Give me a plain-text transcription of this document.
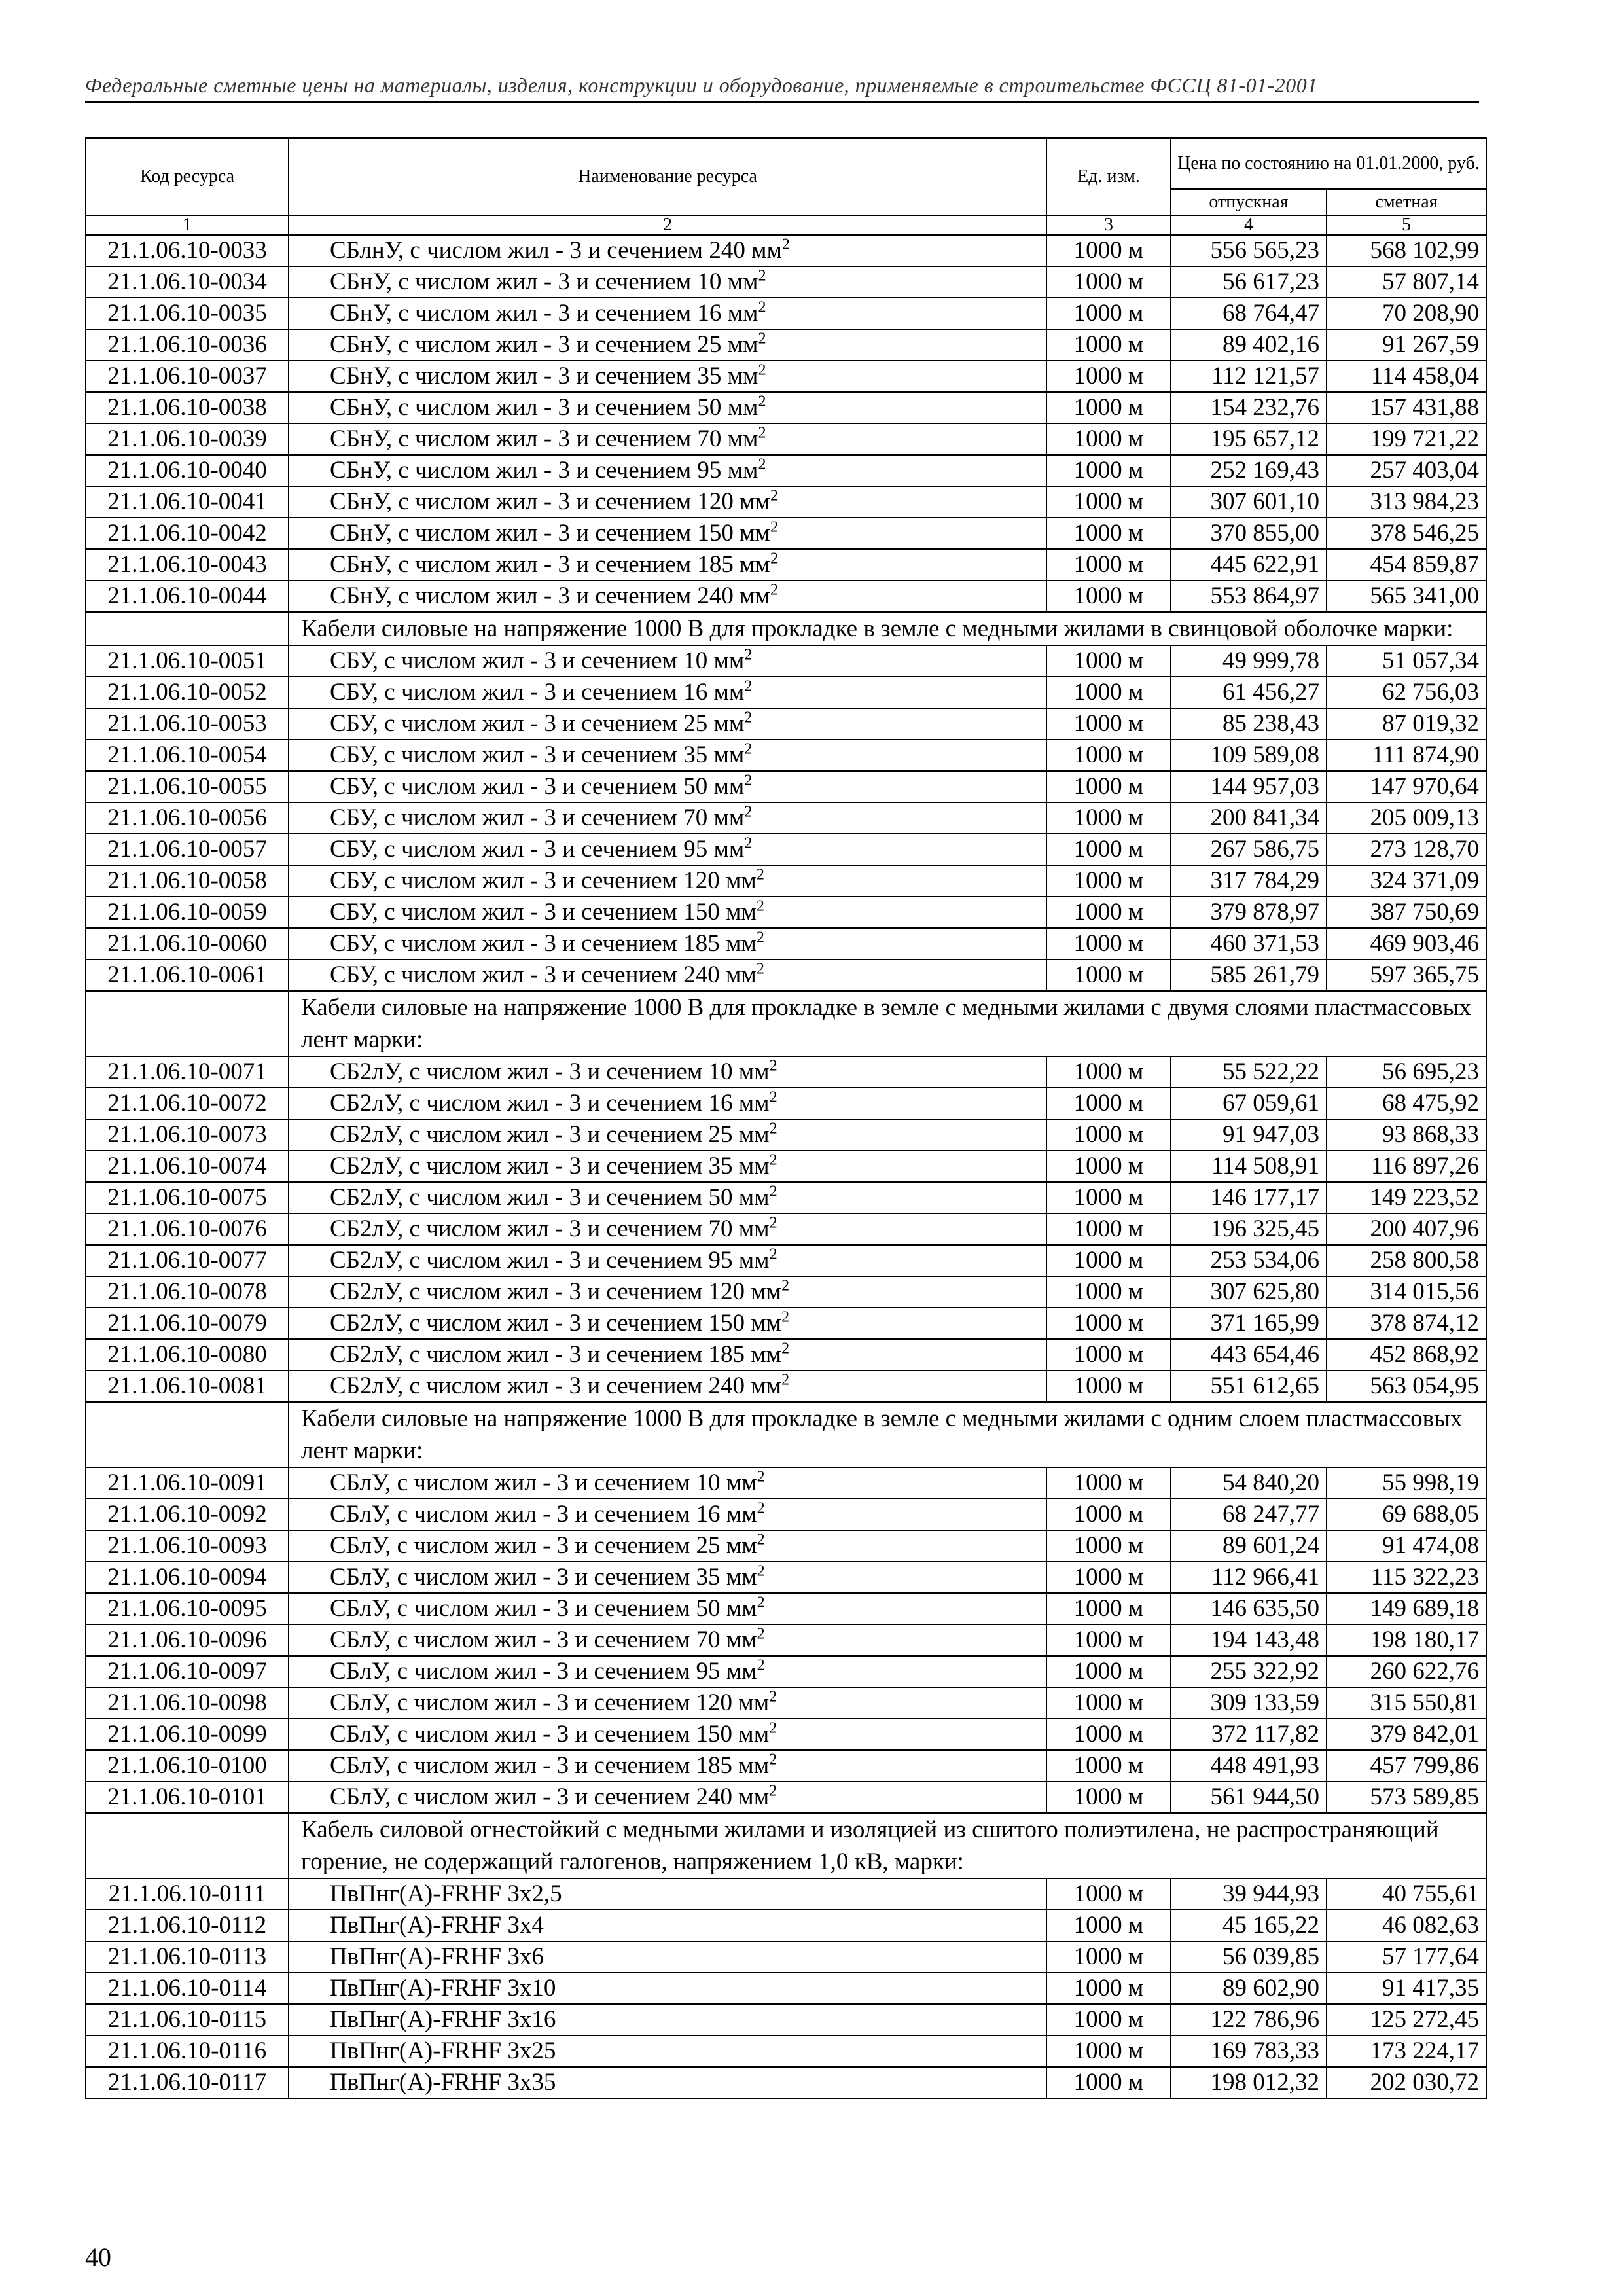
Федеральные сметные цены на материалы, изделия, конструкции и оборудование, применяемые в строительстве ФССЦ 81-01-2001
Код ресурса	Наименование ресурса	Ед. изм.	Цена по состоянию на 01.01.2000, руб.	
			отпускная	сметная
1	2	3	4	5
21.1.06.10-0033	СБлнУ, с числом жил - 3 и сечением 240 $мм^2$	1000 м	556 565,23	568 102,99
21.1.06.10-0034	СБнУ, с числом жил - 3 и сечением 10 $мм^2$	1000 м	56 617,23	57 807,14
21.1.06.10-0035	СБнУ, с числом жил - 3 и сечением 16 $мм^2$	1000 м	68 764,47	70 208,90
21.1.06.10-0036	СБнУ, с числом жил - 3 и сечением 25 $мм^2$	1000 м	89 402,16	91 267,59
21.1.06.10-0037	СБнУ, с числом жил - 3 и сечением 35 $мм^2$	1000 м	112 121,57	114 458,04
21.1.06.10-0038	СБнУ, с числом жил - 3 и сечением 50 $мм^2$	1000 м	154 232,76	157 431,88
21.1.06.10-0039	СБнУ, с числом жил - 3 и сечением 70 $мм^2$	1000 м	195 657,12	199 721,22
21.1.06.10-0040	СБнУ, с числом жил - 3 и сечением 95 $мм^2$	1000 м	252 169,43	257 403,04
21.1.06.10-0041	СБнУ, с числом жил - 3 и сечением 120 $мм^2$	1000 м	307 601,10	313 984,23
21.1.06.10-0042	СБнУ, с числом жил - 3 и сечением 150 $мм^2$	1000 м	370 855,00	378 546,25
21.1.06.10-0043	СБнУ, с числом жил - 3 и сечением 185 $мм^2$	1000 м	445 622,91	454 859,87
21.1.06.10-0044	СБнУ, с числом жил - 3 и сечением 240 $мм^2$	1000 м	553 864,97	565 341,00
	Кабели силовые на напряжение 1000 В для прокладке в земле с медными жилами в свинцовой оболочке марки:			
21.1.06.10-0051	СБУ, с числом жил - 3 и сечением 10 $мм^2$	1000 м	49 999,78	51 057,34
21.1.06.10-0052	СБУ, с числом жил - 3 и сечением 16 $мм^2$	1000 м	61 456,27	62 756,03
21.1.06.10-0053	СБУ, с числом жил - 3 и сечением 25 $мм^2$	1000 м	85 238,43	87 019,32
21.1.06.10-0054	СБУ, с числом жил - 3 и сечением 35 $мм^2$	1000 м	109 589,08	111 874,90
21.1.06.10-0055	СБУ, с числом жил - 3 и сечением 50 $мм^2$	1000 м	144 957,03	147 970,64
21.1.06.10-0056	СБУ, с числом жил - 3 и сечением 70 $мм^2$	1000 м	200 841,34	205 009,13
21.1.06.10-0057	СБУ, с числом жил - 3 и сечением 95 $мм^2$	1000 м	267 586,75	273 128,70
21.1.06.10-0058	СБУ, с числом жил - 3 и сечением 120 $мм^2$	1000 м	317 784,29	324 371,09
21.1.06.10-0059	СБУ, с числом жил - 3 и сечением 150 $мм^2$	1000 м	379 878,97	387 750,69
21.1.06.10-0060	СБУ, с числом жил - 3 и сечением 185 $мм^2$	1000 м	460 371,53	469 903,46
21.1.06.10-0061	СБУ, с числом жил - 3 и сечением 240 $мм^2$	1000 м	585 261,79	597 365,75
	Кабели силовые на напряжение 1000 В для прокладке в земле с медными жилами с двумя слоями пластмассовых лент марки:			
21.1.06.10-0071	СБ2лУ, с числом жил - 3 и сечением 10 $мм^2$	1000 м	55 522,22	56 695,23
21.1.06.10-0072	СБ2лУ, с числом жил - 3 и сечением 16 $мм^2$	1000 м	67 059,61	68 475,92
21.1.06.10-0073	СБ2лУ, с числом жил - 3 и сечением 25 $мм^2$	1000 м	91 947,03	93 868,33
21.1.06.10-0074	СБ2лУ, с числом жил - 3 и сечением 35 $мм^2$	1000 м	114 508,91	116 897,26
21.1.06.10-0075	СБ2лУ, с числом жил - 3 и сечением 50 $мм^2$	1000 м	146 177,17	149 223,52
21.1.06.10-0076	СБ2лУ, с числом жил - 3 и сечением 70 $мм^2$	1000 м	196 325,45	200 407,96
21.1.06.10-0077	СБ2лУ, с числом жил - 3 и сечением 95 $мм^2$	1000 м	253 534,06	258 800,58
21.1.06.10-0078	СБ2лУ, с числом жил - 3 и сечением 120 $мм^2$	1000 м	307 625,80	314 015,56
21.1.06.10-0079	СБ2лУ, с числом жил - 3 и сечением 150 $мм^2$	1000 м	371 165,99	378 874,12
21.1.06.10-0080	СБ2лУ, с числом жил - 3 и сечением 185 $мм^2$	1000 м	443 654,46	452 868,92
21.1.06.10-0081	СБ2лУ, с числом жил - 3 и сечением 240 $мм^2$	1000 м	551 612,65	563 054,95
	Кабели силовые на напряжение 1000 В для прокладке в земле с медными жилами с одним слоем пластмассовых лент марки:			
21.1.06.10-0091	СБлУ, с числом жил - 3 и сечением 10 $мм^2$	1000 м	54 840,20	55 998,19
21.1.06.10-0092	СБлУ, с числом жил - 3 и сечением 16 $мм^2$	1000 м	68 247,77	69 688,05
21.1.06.10-0093	СБлУ, с числом жил - 3 и сечением 25 $мм^2$	1000 м	89 601,24	91 474,08
21.1.06.10-0094	СБлУ, с числом жил - 3 и сечением 35 $мм^2$	1000 м	112 966,41	115 322,23
21.1.06.10-0095	СБлУ, с числом жил - 3 и сечением 50 $мм^2$	1000 м	146 635,50	149 689,18
21.1.06.10-0096	СБлУ, с числом жил - 3 и сечением 70 $мм^2$	1000 м	194 143,48	198 180,17
21.1.06.10-0097	СБлУ, с числом жил - 3 и сечением 95 $мм^2$	1000 м	255 322,92	260 622,76
21.1.06.10-0098	СБлУ, с числом жил - 3 и сечением 120 $мм^2$	1000 м	309 133,59	315 550,81
21.1.06.10-0099	СБлУ, с числом жил - 3 и сечением 150 $мм^2$	1000 м	372 117,82	379 842,01
21.1.06.10-0100	СБлУ, с числом жил - 3 и сечением 185 $мм^2$	1000 м	448 491,93	457 799,86
21.1.06.10-0101	СБлУ, с числом жил - 3 и сечением 240 $мм^2$	1000 м	561 944,50	573 589,85
	Кабель силовой огнестойкий с медными жилами и изоляцией из сшитого полиэтилена, не распространяющий горение, не содержащий галогенов, напряжением 1,0 кВ, марки:			
21.1.06.10-0111	ПвПнг(А)-FRHF 3x2,5	1000 м	39 944,93	40 755,61
21.1.06.10-0112	ПвПнг(А)-FRHF 3x4	1000 м	45 165,22	46 082,63
21.1.06.10-0113	ПвПнг(А)-FRHF 3x6	1000 м	56 039,85	57 177,64
21.1.06.10-0114	ПвПнг(А)-FRHF 3x10	1000 м	89 602,90	91 417,35
21.1.06.10-0115	ПвПнг(А)-FRHF 3x16	1000 м	122 786,96	125 272,45
21.1.06.10-0116	ПвПнг(А)-FRHF 3x25	1000 м	169 783,33	173 224,17
21.1.06.10-0117	ПвПнг(А)-FRHF 3x35	1000 м	198 012,32	202 030,72
40
